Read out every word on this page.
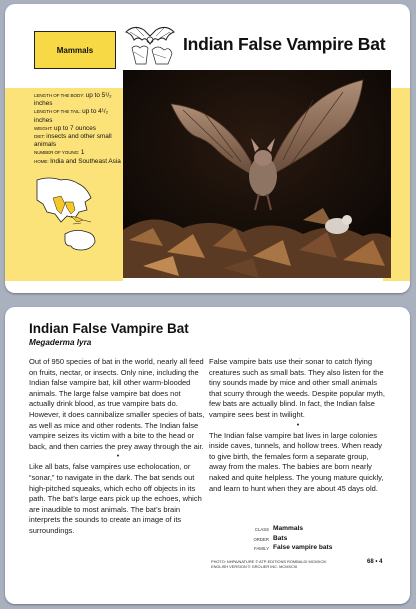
Mammals	Indian False Vampire Bat
LENGTH OF THE BODY: up to 5¹/₂ inches
LENGTH OF THE TAIL: up to 4¹/₂ inches
WEIGHT: up to 7 ounces
DIET: insects and other small animals
NUMBER OF YOUNG: 1
HOME: India and Southeast Asia
Indian False Vampire Bat
Megaderma lyra

Out of 950 species of bat in the world, nearly all feed on fruits, nectar, or insects. Only nine, including the Indian false vampire bat, kill other warm-blooded animals. The large false vampire bat does not actually drink blood, as true vampire bats do. However, it does cannibalize smaller species of bats, as well as mice and other rodents. The Indian false vampire seizes its victim with a bite to the head or back, and then carries the prey away through the air.

•

Like all bats, false vampires use echolocation, or “sonar,” to navigate in the dark. The bat sends out high-pitched squeaks, which echo off objects in its path. The bat’s large ears pick up the echoes, which are inaudible to most animals. The bat’s brain interprets the sounds to create an image of its surroundings.

False vampire bats use their sonar to catch flying creatures such as small bats. They also listen for the tiny sounds made by mice and other small animals that scurry through the weeds. Despite popular myth, few bats are actually blind. In fact, the Indian false vampire sees best in twilight.

•

The Indian false vampire bat lives in large colonies inside caves, tunnels, and hollow trees. When ready to give birth, the females form a separate group, away from the males. The babies are born nearly naked and quite helpless. The young mature quickly, and learn to hunt when they are about 45 days old.

CLASS Mammals
ORDER Bats
FAMILY False vampire bats
PHOTO: NHPA/NATURE © ATP-EDITIONS ROMBALDI MCMXCIII
ENGLISH VERSION © GROLIER INC. MCMXCIII
68 • 4
